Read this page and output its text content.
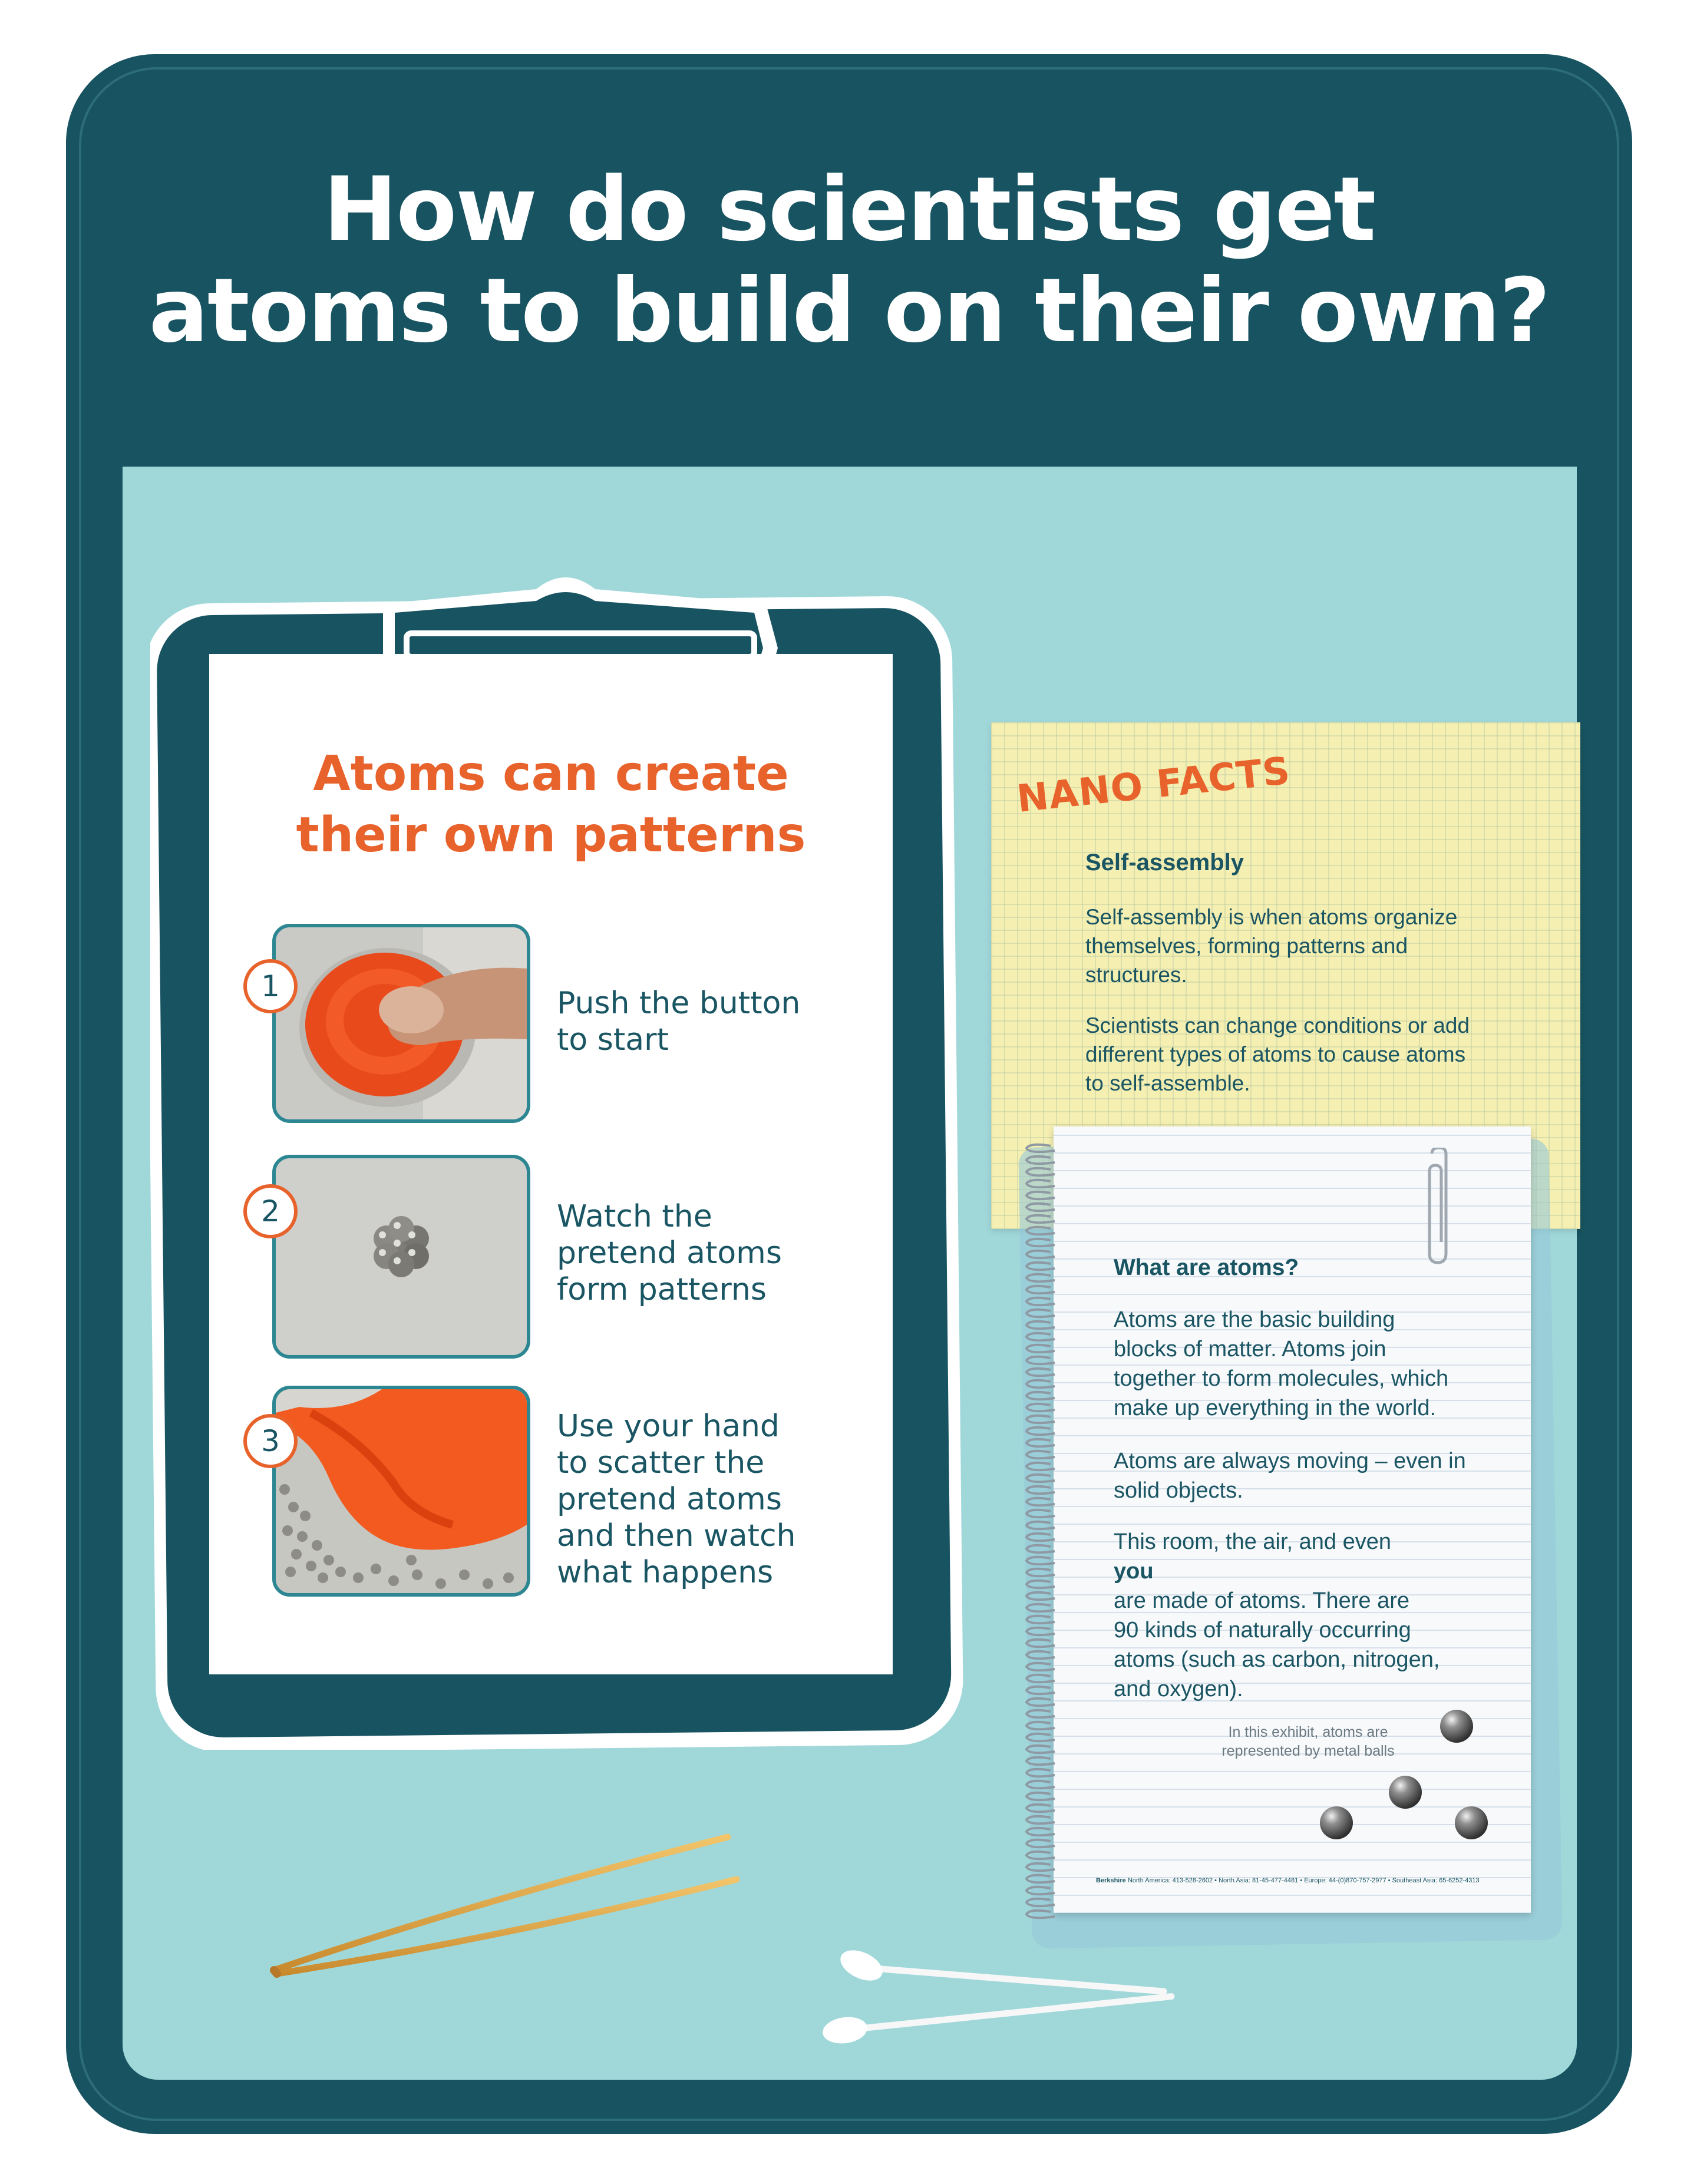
How do scientists get
atoms to build on their own?
Atoms can create
their own patterns
1	Push the button
to start
2	Watch the
pretend atoms
form patterns
3	Use your hand
to scatter the
pretend atoms
and then watch
what happens
NANO FACTS
Self-assembly
Self-assembly is when atoms organize
themselves, forming patterns and
structures.
Scientists can change conditions or add
different types of atoms to cause atoms
to self-assemble.
What are atoms?
Atoms are the basic building
blocks of matter. Atoms join
together to form molecules, which
make up everything in the world.
Atoms are always moving – even in
solid objects.
This room, the air, and even
you
are made of atoms. There are
90 kinds of naturally occurring
atoms (such as carbon, nitrogen,
and oxygen).
In this exhibit, atoms are
represented by metal balls
Berkshire North America: 413-528-2602 • North Asia: 81-45-477-4481 • Europe: 44-(0)870-757-2977 • Southeast Asia: 65-6252-4313
